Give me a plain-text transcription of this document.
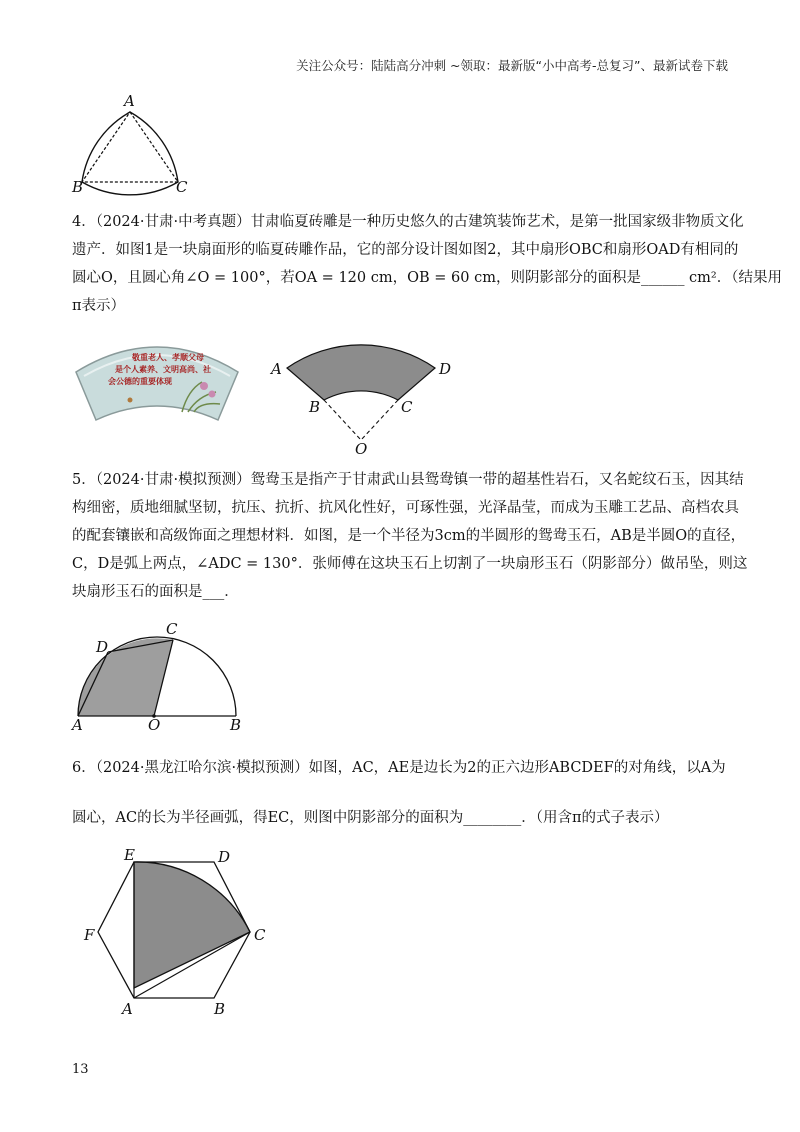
关注公众号：陆陆高分冲刺 ~领取：最新版“小中高考-总复习”、最新试卷下载
A
B	C
4．（2024·甘肃·中考真题）甘肃临夏砖雕是一种历史悠久的古建筑装饰艺术，是第一批国家级非物质文化
遗产．如图1是一块扇面形的临夏砖雕作品，它的部分设计图如图2，其中扇形OBC和扇形OAD有相同的
圆心O，且圆心角∠O = 100°，若OA = 120 cm，OB = 60 cm，则阴影部分的面积是______ cm²．（结果用
π表示）
敬重老人、孝顺父母
是个人素养、文明高尚、社
会公德的重要体现
A	D
B	C
O
5．（2024·甘肃·模拟预测）鸳鸯玉是指产于甘肃武山县鸳鸯镇一带的超基性岩石，又名蛇纹石玉，因其结
构细密，质地细腻坚韧，抗压、抗折、抗风化性好，可琢性强，光泽晶莹，而成为玉雕工艺品、高档农具
的配套镶嵌和高级饰面之理想材料．如图，是一个半径为3cm的半圆形的鸳鸯玉石，AB是半圆O的直径，
C，D是弧上两点，∠ADC = 130°．张师傅在这块玉石上切割了一块扇形玉石（阴影部分）做吊坠，则这
块扇形玉石的面积是___．
C
D
A	O	B
6．（2024·黑龙江哈尔滨·模拟预测）如图，AC，AE是边长为2的正六边形ABCDEF的对角线，以A为
圆心，AC的长为半径画弧，得EC，则图中阴影部分的面积为________．（用含π的式子表示）
E	D
F	C
A	B
13
